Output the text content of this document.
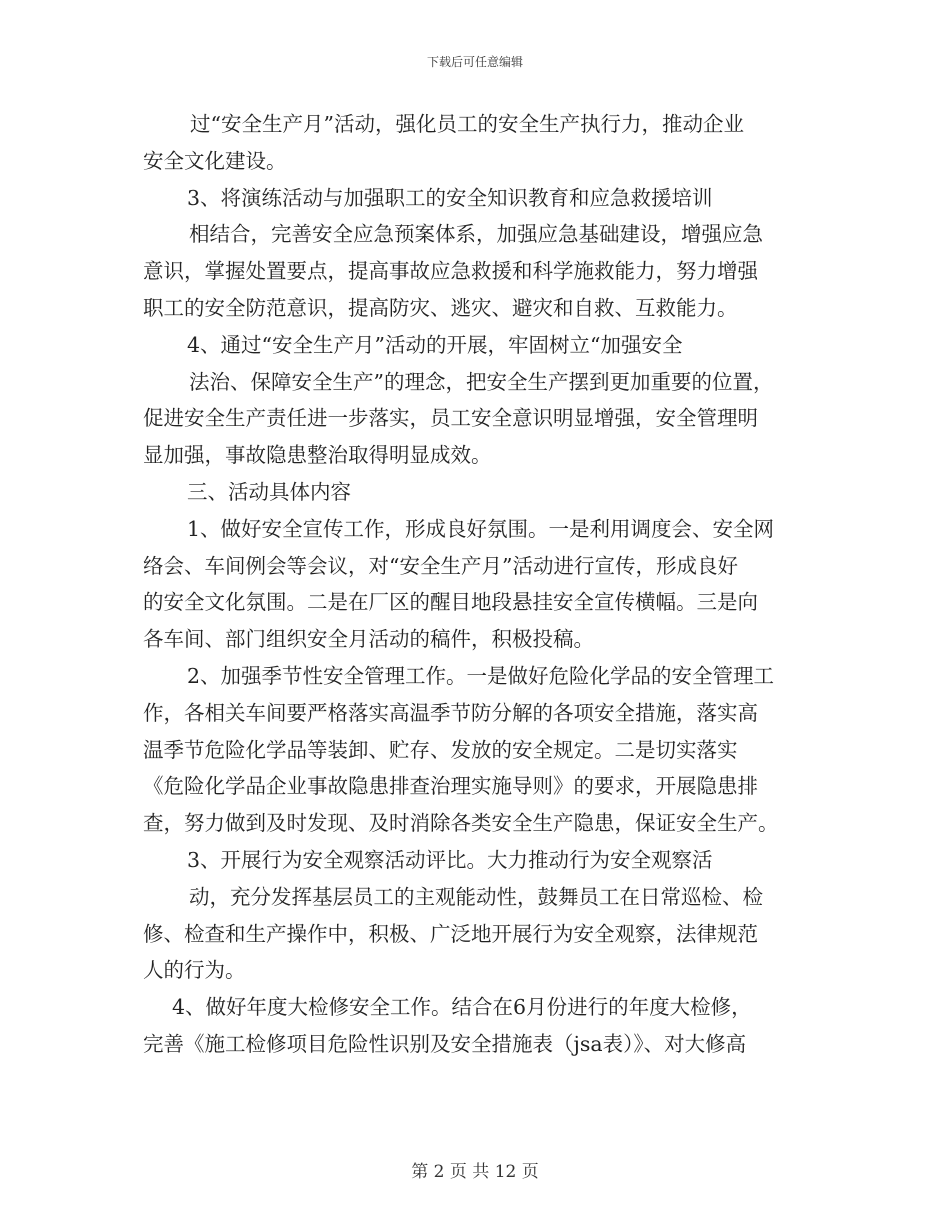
下载后可任意编辑
过“安全生产月”活动，强化员工的安全生产执行力，推动企业
安全文化建设。
3、将演练活动与加强职工的安全知识教育和应急救援培训
相结合，完善安全应急预案体系，加强应急基础建设，增强应急
意识，掌握处置要点，提高事故应急救援和科学施救能力，努力增强
职工的安全防范意识，提高防灾、逃灾、避灾和自救、互救能力。
4、通过“安全生产月”活动的开展，牢固树立“加强安全
法治、保障安全生产”的理念，把安全生产摆到更加重要的位置，
促进安全生产责任进一步落实，员工安全意识明显增强，安全管理明
显加强，事故隐患整治取得明显成效。
三、活动具体内容
1、做好安全宣传工作，形成良好氛围。一是利用调度会、安全网
络会、车间例会等会议，对“安全生产月”活动进行宣传，形成良好
的安全文化氛围。二是在厂区的醒目地段悬挂安全宣传横幅。三是向
各车间、部门组织安全月活动的稿件，积极投稿。
2、加强季节性安全管理工作。一是做好危险化学品的安全管理工
作，各相关车间要严格落实高温季节防分解的各项安全措施，落实高
温季节危险化学品等装卸、贮存、发放的安全规定。二是切实落实
《危险化学品企业事故隐患排查治理实施导则》的要求，开展隐患排
查，努力做到及时发现、及时消除各类安全生产隐患，保证安全生产。
3、开展行为安全观察活动评比。大力推动行为安全观察活
动，充分发挥基层员工的主观能动性，鼓舞员工在日常巡检、检
修、检查和生产操作中，积极、广泛地开展行为安全观察，法律规范
人的行为。
4、做好年度大检修安全工作。结合在6月份进行的年度大检修，
完善《施工检修项目危险性识别及安全措施表（jsa表）》、对大修高
第 2 页 共 12 页
